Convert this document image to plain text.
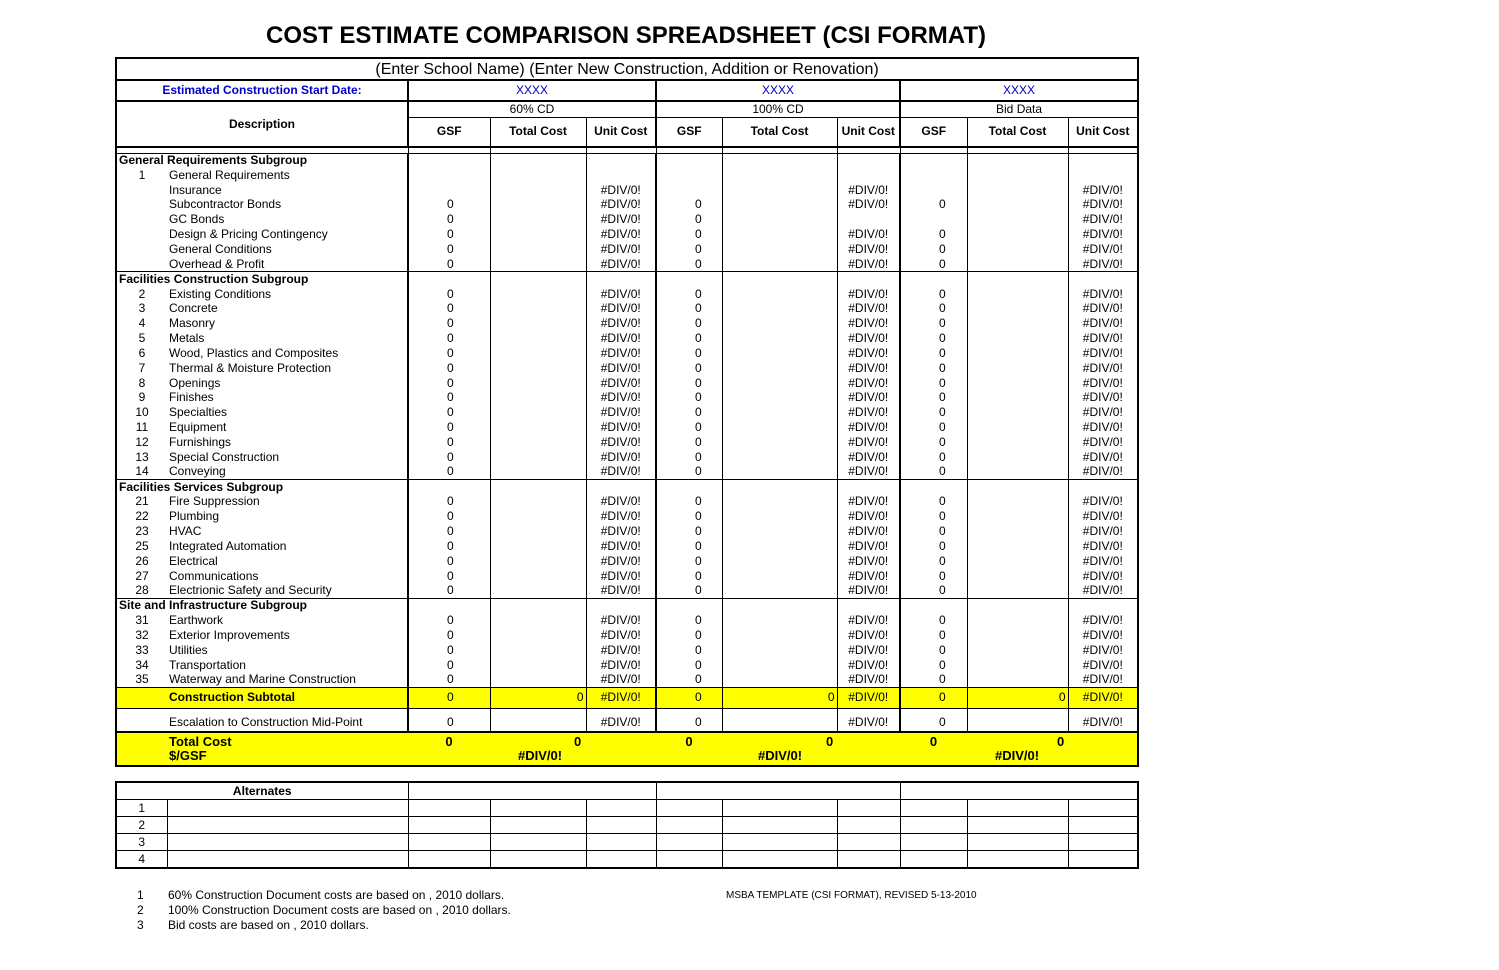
COST ESTIMATE COMPARISON SPREADSHEET (CSI FORMAT)
(Enter School Name) (Enter New Construction, Addition or Renovation)										
Estimated Construction Start Date:		XXXX			XXXX			XXXX		
Description		60% CD			100% CD			Bid Data		
		GSF	Total Cost	Unit Cost	GSF	Total Cost	Unit Cost	GSF	Total Cost	Unit Cost

General Requirements Subgroup										
1	General Requirements									
	Insurance			#DIV/0!			#DIV/0!			#DIV/0!
	Subcontractor Bonds	0		#DIV/0!	0		#DIV/0!	0		#DIV/0!
	GC Bonds	0		#DIV/0!	0					#DIV/0!
	Design & Pricing Contingency	0		#DIV/0!	0		#DIV/0!	0		#DIV/0!
	General Conditions	0		#DIV/0!	0		#DIV/0!	0		#DIV/0!
	Overhead & Profit	0		#DIV/0!	0		#DIV/0!	0		#DIV/0!
Facilities Construction Subgroup										
2	Existing Conditions	0		#DIV/0!	0		#DIV/0!	0		#DIV/0!
3	Concrete	0		#DIV/0!	0		#DIV/0!	0		#DIV/0!
4	Masonry	0		#DIV/0!	0		#DIV/0!	0		#DIV/0!
5	Metals	0		#DIV/0!	0		#DIV/0!	0		#DIV/0!
6	Wood, Plastics and Composites	0		#DIV/0!	0		#DIV/0!	0		#DIV/0!
7	Thermal & Moisture Protection	0		#DIV/0!	0		#DIV/0!	0		#DIV/0!
8	Openings	0		#DIV/0!	0		#DIV/0!	0		#DIV/0!
9	Finishes	0		#DIV/0!	0		#DIV/0!	0		#DIV/0!
10	Specialties	0		#DIV/0!	0		#DIV/0!	0		#DIV/0!
11	Equipment	0		#DIV/0!	0		#DIV/0!	0		#DIV/0!
12	Furnishings	0		#DIV/0!	0		#DIV/0!	0		#DIV/0!
13	Special Construction	0		#DIV/0!	0		#DIV/0!	0		#DIV/0!
14	Conveying	0		#DIV/0!	0		#DIV/0!	0		#DIV/0!
Facilities Services Subgroup										
21	Fire Suppression	0		#DIV/0!	0		#DIV/0!	0		#DIV/0!
22	Plumbing	0		#DIV/0!	0		#DIV/0!	0		#DIV/0!
23	HVAC	0		#DIV/0!	0		#DIV/0!	0		#DIV/0!
25	Integrated Automation	0		#DIV/0!	0		#DIV/0!	0		#DIV/0!
26	Electrical	0		#DIV/0!	0		#DIV/0!	0		#DIV/0!
27	Communications	0		#DIV/0!	0		#DIV/0!	0		#DIV/0!
28	Electrionic Safety and Security	0		#DIV/0!	0		#DIV/0!	0		#DIV/0!
Site and Infrastructure Subgroup										
31	Earthwork	0		#DIV/0!	0		#DIV/0!	0		#DIV/0!
32	Exterior Improvements	0		#DIV/0!	0		#DIV/0!	0		#DIV/0!
33	Utilities	0		#DIV/0!	0		#DIV/0!	0		#DIV/0!
34	Transportation	0		#DIV/0!	0		#DIV/0!	0		#DIV/0!
35	Waterway and Marine Construction	0		#DIV/0!	0		#DIV/0!	0		#DIV/0!
	Construction Subtotal	0	0	#DIV/0!	0	0	#DIV/0!	0	0	#DIV/0!
	Escalation to Construction Mid-Point	0		#DIV/0!	0		#DIV/0!	0		#DIV/0!
	Total Cost	0	0		0	0		0	0	
	$/GSF		#DIV/0!			#DIV/0!			#DIV/0!	
Alternates										
1										
2										
3										
4										
1 60% Construction Document costs are based on , 2010 dollars.
2 100% Construction Document costs are based on , 2010 dollars.
3 Bid costs are based on , 2010 dollars.
MSBA TEMPLATE (CSI FORMAT), REVISED 5-13-2010
